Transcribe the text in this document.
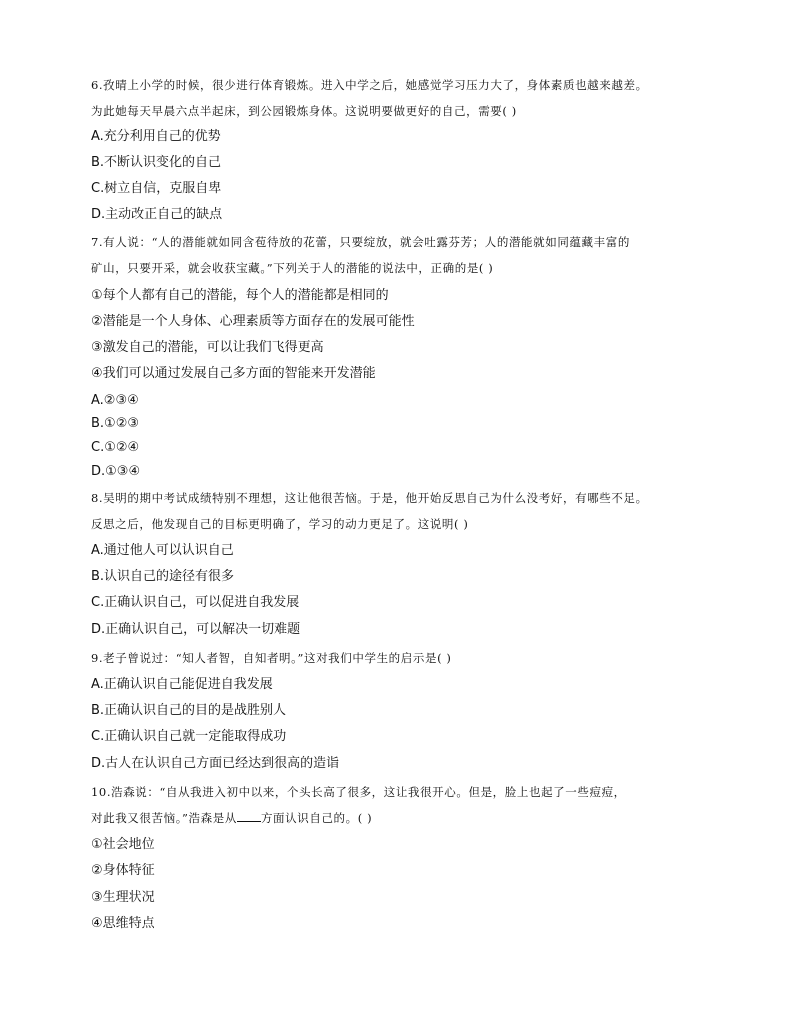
6.孜晴上小学的时候，很少进行体育锻炼。进入中学之后，她感觉学习压力大了，身体素质也越来越差。
为此她每天早晨六点半起床，到公园锻炼身体。这说明要做更好的自己，需要( )
A.充分利用自己的优势
B.不断认识变化的自己
C.树立自信，克服自卑
D.主动改正自己的缺点
7.有人说：“人的潜能就如同含苞待放的花蕾，只要绽放，就会吐露芬芳；人的潜能就如同蕴藏丰富的
矿山，只要开采，就会收获宝藏。”下列关于人的潜能的说法中，正确的是( )
①每个人都有自己的潜能，每个人的潜能都是相同的
②潜能是一个人身体、心理素质等方面存在的发展可能性
③激发自己的潜能，可以让我们飞得更高
④我们可以通过发展自己多方面的智能来开发潜能
A.②③④
B.①②③
C.①②④
D.①③④
8.吴明的期中考试成绩特别不理想，这让他很苦恼。于是，他开始反思自己为什么没考好，有哪些不足。
反思之后，他发现自己的目标更明确了，学习的动力更足了。这说明( )
A.通过他人可以认识自己
B.认识自己的途径有很多
C.正确认识自己，可以促进自我发展
D.正确认识自己，可以解决一切难题
9.老子曾说过：“知人者智，自知者明。”这对我们中学生的启示是( )
A.正确认识自己能促进自我发展
B.正确认识自己的目的是战胜别人
C.正确认识自己就一定能取得成功
D.古人在认识自己方面已经达到很高的造诣
10.浩森说：“自从我进入初中以来，个头长高了很多，这让我很开心。但是，脸上也起了一些痘痘，
对此我又很苦恼。”浩森是从 方面认识自己的。( )
①社会地位
②身体特征
③生理状况
④思维特点
